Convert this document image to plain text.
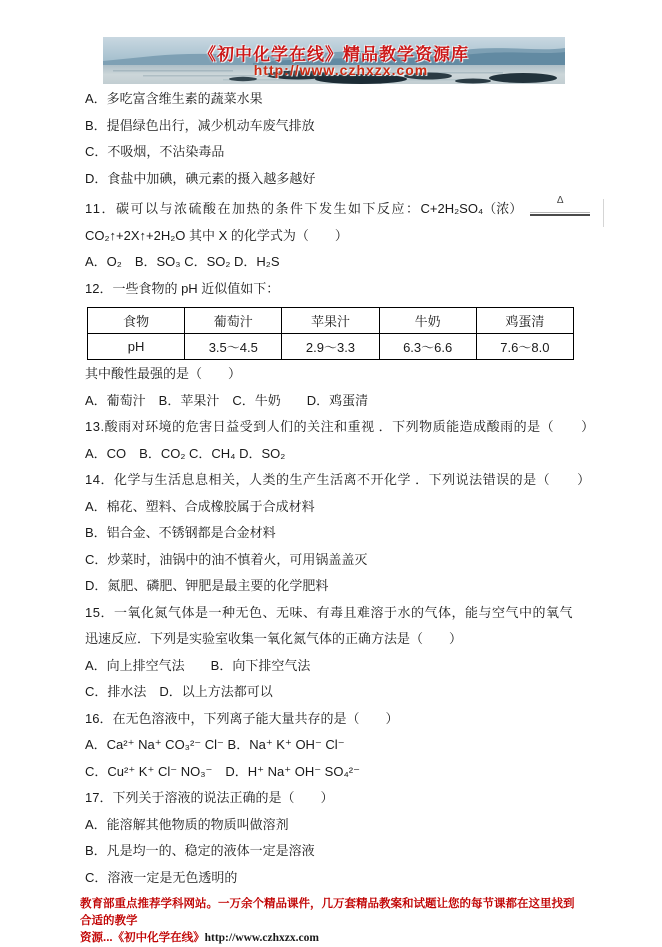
《初中化学在线》精品教学资源库
http://www.czhxzx.com

A．多吃富含维生素的蔬菜水果

B．提倡绿色出行，减少机动车废气排放

C．不吸烟，不沾染毒品

D．食盐中加碘，碘元素的摄入越多越好

11．碳可以与浓硫酸在加热的条件下发生如下反应：C+2H₂SO₄（浓）
Δ

CO₂↑+2X↑+2H₂O 其中 X 的化学式为（　　）

A．O₂　B．SO₃ C．SO₂ D．H₂S

12．一些食物的 pH 近似值如下：

食物	葡萄汁	苹果汁	牛奶	鸡蛋清
pH	3.5～4.5	2.9～3.3	6.3～6.6	7.6～8.0

其中酸性最强的是（　　）

A．葡萄汁　B．苹果汁　C．牛奶　　D．鸡蛋清

13.酸雨对环境的危害日益受到人们的关注和重视 ．下列物质能造成酸雨的是（　　）

A．CO　B．CO₂ C．CH₄ D．SO₂

14．化学与生活息息相关，人类的生产生活离不开化学 ．下列说法错误的是（　　）

A．棉花、塑料、合成橡胶属于合成材料

B．铝合金、不锈钢都是合金材料

C．炒菜时，油锅中的油不慎着火，可用锅盖盖灭

D．氮肥、磷肥、钾肥是最主要的化学肥料

15．一氧化氮气体是一种无色、无味、有毒且难溶于水的气体，能与空气中的氧气

迅速反应．下列是实验室收集一氧化氮气体的正确方法是（　　）

A．向上排空气法　　B．向下排空气法

C．排水法　D．以上方法都可以

16．在无色溶液中，下列离子能大量共存的是（　　）

A．Ca²⁺ Na⁺ CO₃²⁻ Cl⁻ B．Na⁺ K⁺ OH⁻ Cl⁻

C．Cu²⁺ K⁺ Cl⁻ NO₃⁻　D．H⁺ Na⁺ OH⁻ SO₄²⁻

17．下列关于溶液的说法正确的是（　　）

A．能溶解其他物质的物质叫做溶剂

B．凡是均一的、稳定的液体一定是溶液

C．溶液一定是无色透明的

教育部重点推荐学科网站。一万余个精品课件，几万套精品教案和试题让您的每节课都在这里找到合适的教学
资源...《初中化学在线》http://www.czhxzx.com
